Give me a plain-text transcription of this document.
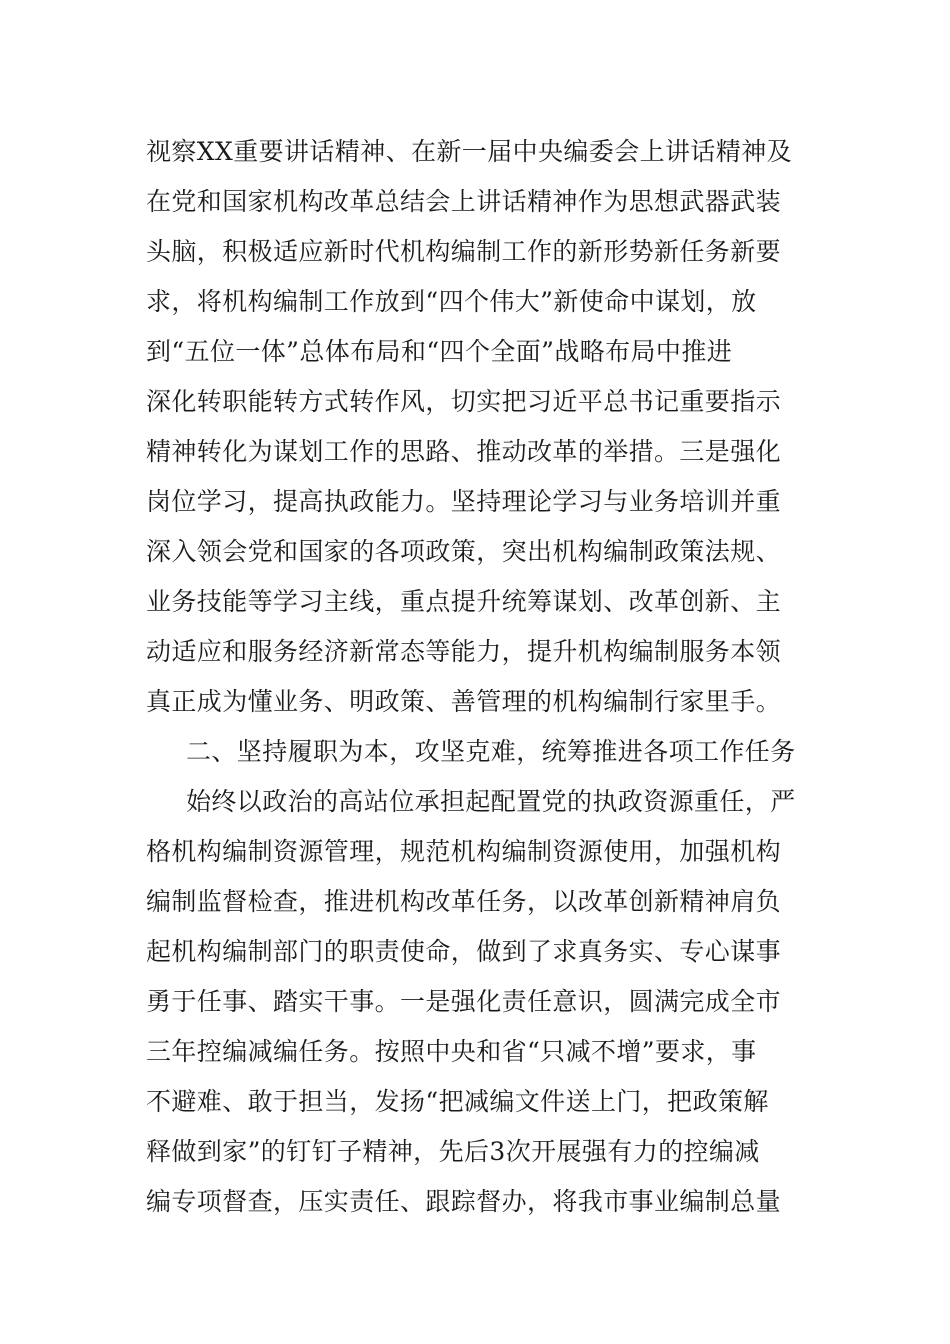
视察XX重要讲话精神、在新一届中央编委会上讲话精神及
在党和国家机构改革总结会上讲话精神作为思想武器武装
头脑，积极适应新时代机构编制工作的新形势新任务新要
求，将机构编制工作放到“四个伟大”新使命中谋划，放
到“五位一体”总体布局和“四个全面”战略布局中推进
深化转职能转方式转作风，切实把习近平总书记重要指示
精神转化为谋划工作的思路、推动改革的举措。三是强化
岗位学习，提高执政能力。坚持理论学习与业务培训并重
深入领会党和国家的各项政策，突出机构编制政策法规、
业务技能等学习主线，重点提升统筹谋划、改革创新、主
动适应和服务经济新常态等能力，提升机构编制服务本领
真正成为懂业务、明政策、善管理的机构编制行家里手。
二、坚持履职为本，攻坚克难，统筹推进各项工作任务
始终以政治的高站位承担起配置党的执政资源重任，严
格机构编制资源管理，规范机构编制资源使用，加强机构
编制监督检查，推进机构改革任务，以改革创新精神肩负
起机构编制部门的职责使命，做到了求真务实、专心谋事
勇于任事、踏实干事。一是强化责任意识，圆满完成全市
三年控编减编任务。按照中央和省“只减不增”要求，事
不避难、敢于担当，发扬“把减编文件送上门，把政策解
释做到家”的钉钉子精神，先后3次开展强有力的控编减
编专项督查，压实责任、跟踪督办，将我市事业编制总量
